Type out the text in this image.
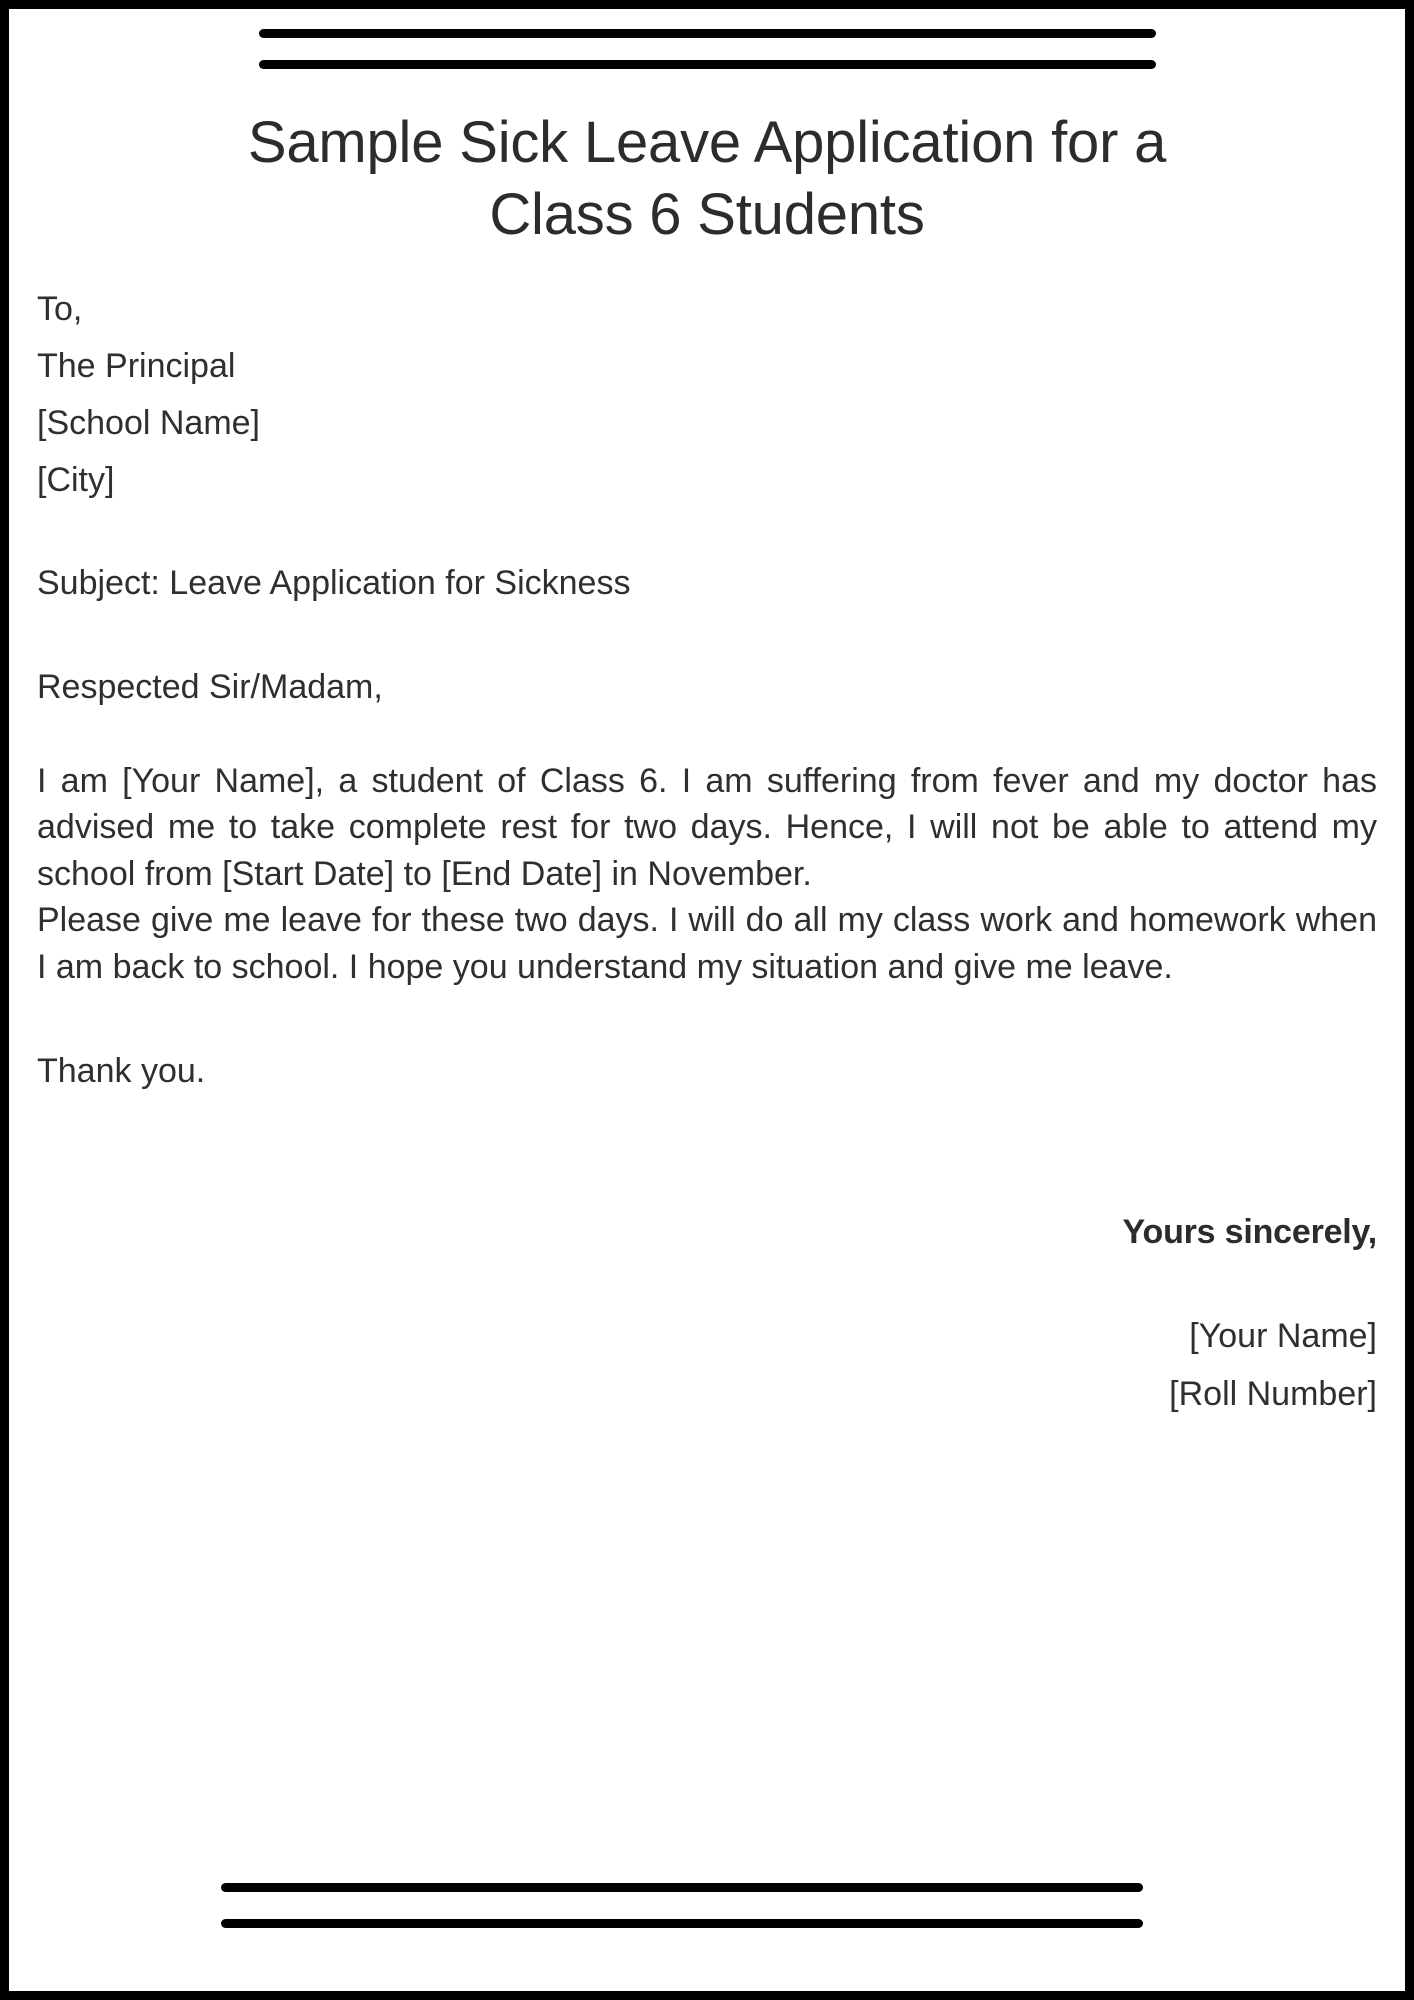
Sample Sick Leave Application for a
Class 6 Students

To,

The Principal

[School Name]

[City]

Subject: Leave Application for Sickness

Respected Sir/Madam,

I am [Your Name], a student of Class 6. I am suffering from fever and my doctor has advised me to take complete rest for two days. Hence, I will not be able to attend my school from [Start Date] to [End Date] in November.

Please give me leave for these two days. I will do all my class work and homework when I am back to school. I hope you understand my situation and give me leave.

Thank you.

Yours sincerely,

[Your Name]

[Roll Number]
